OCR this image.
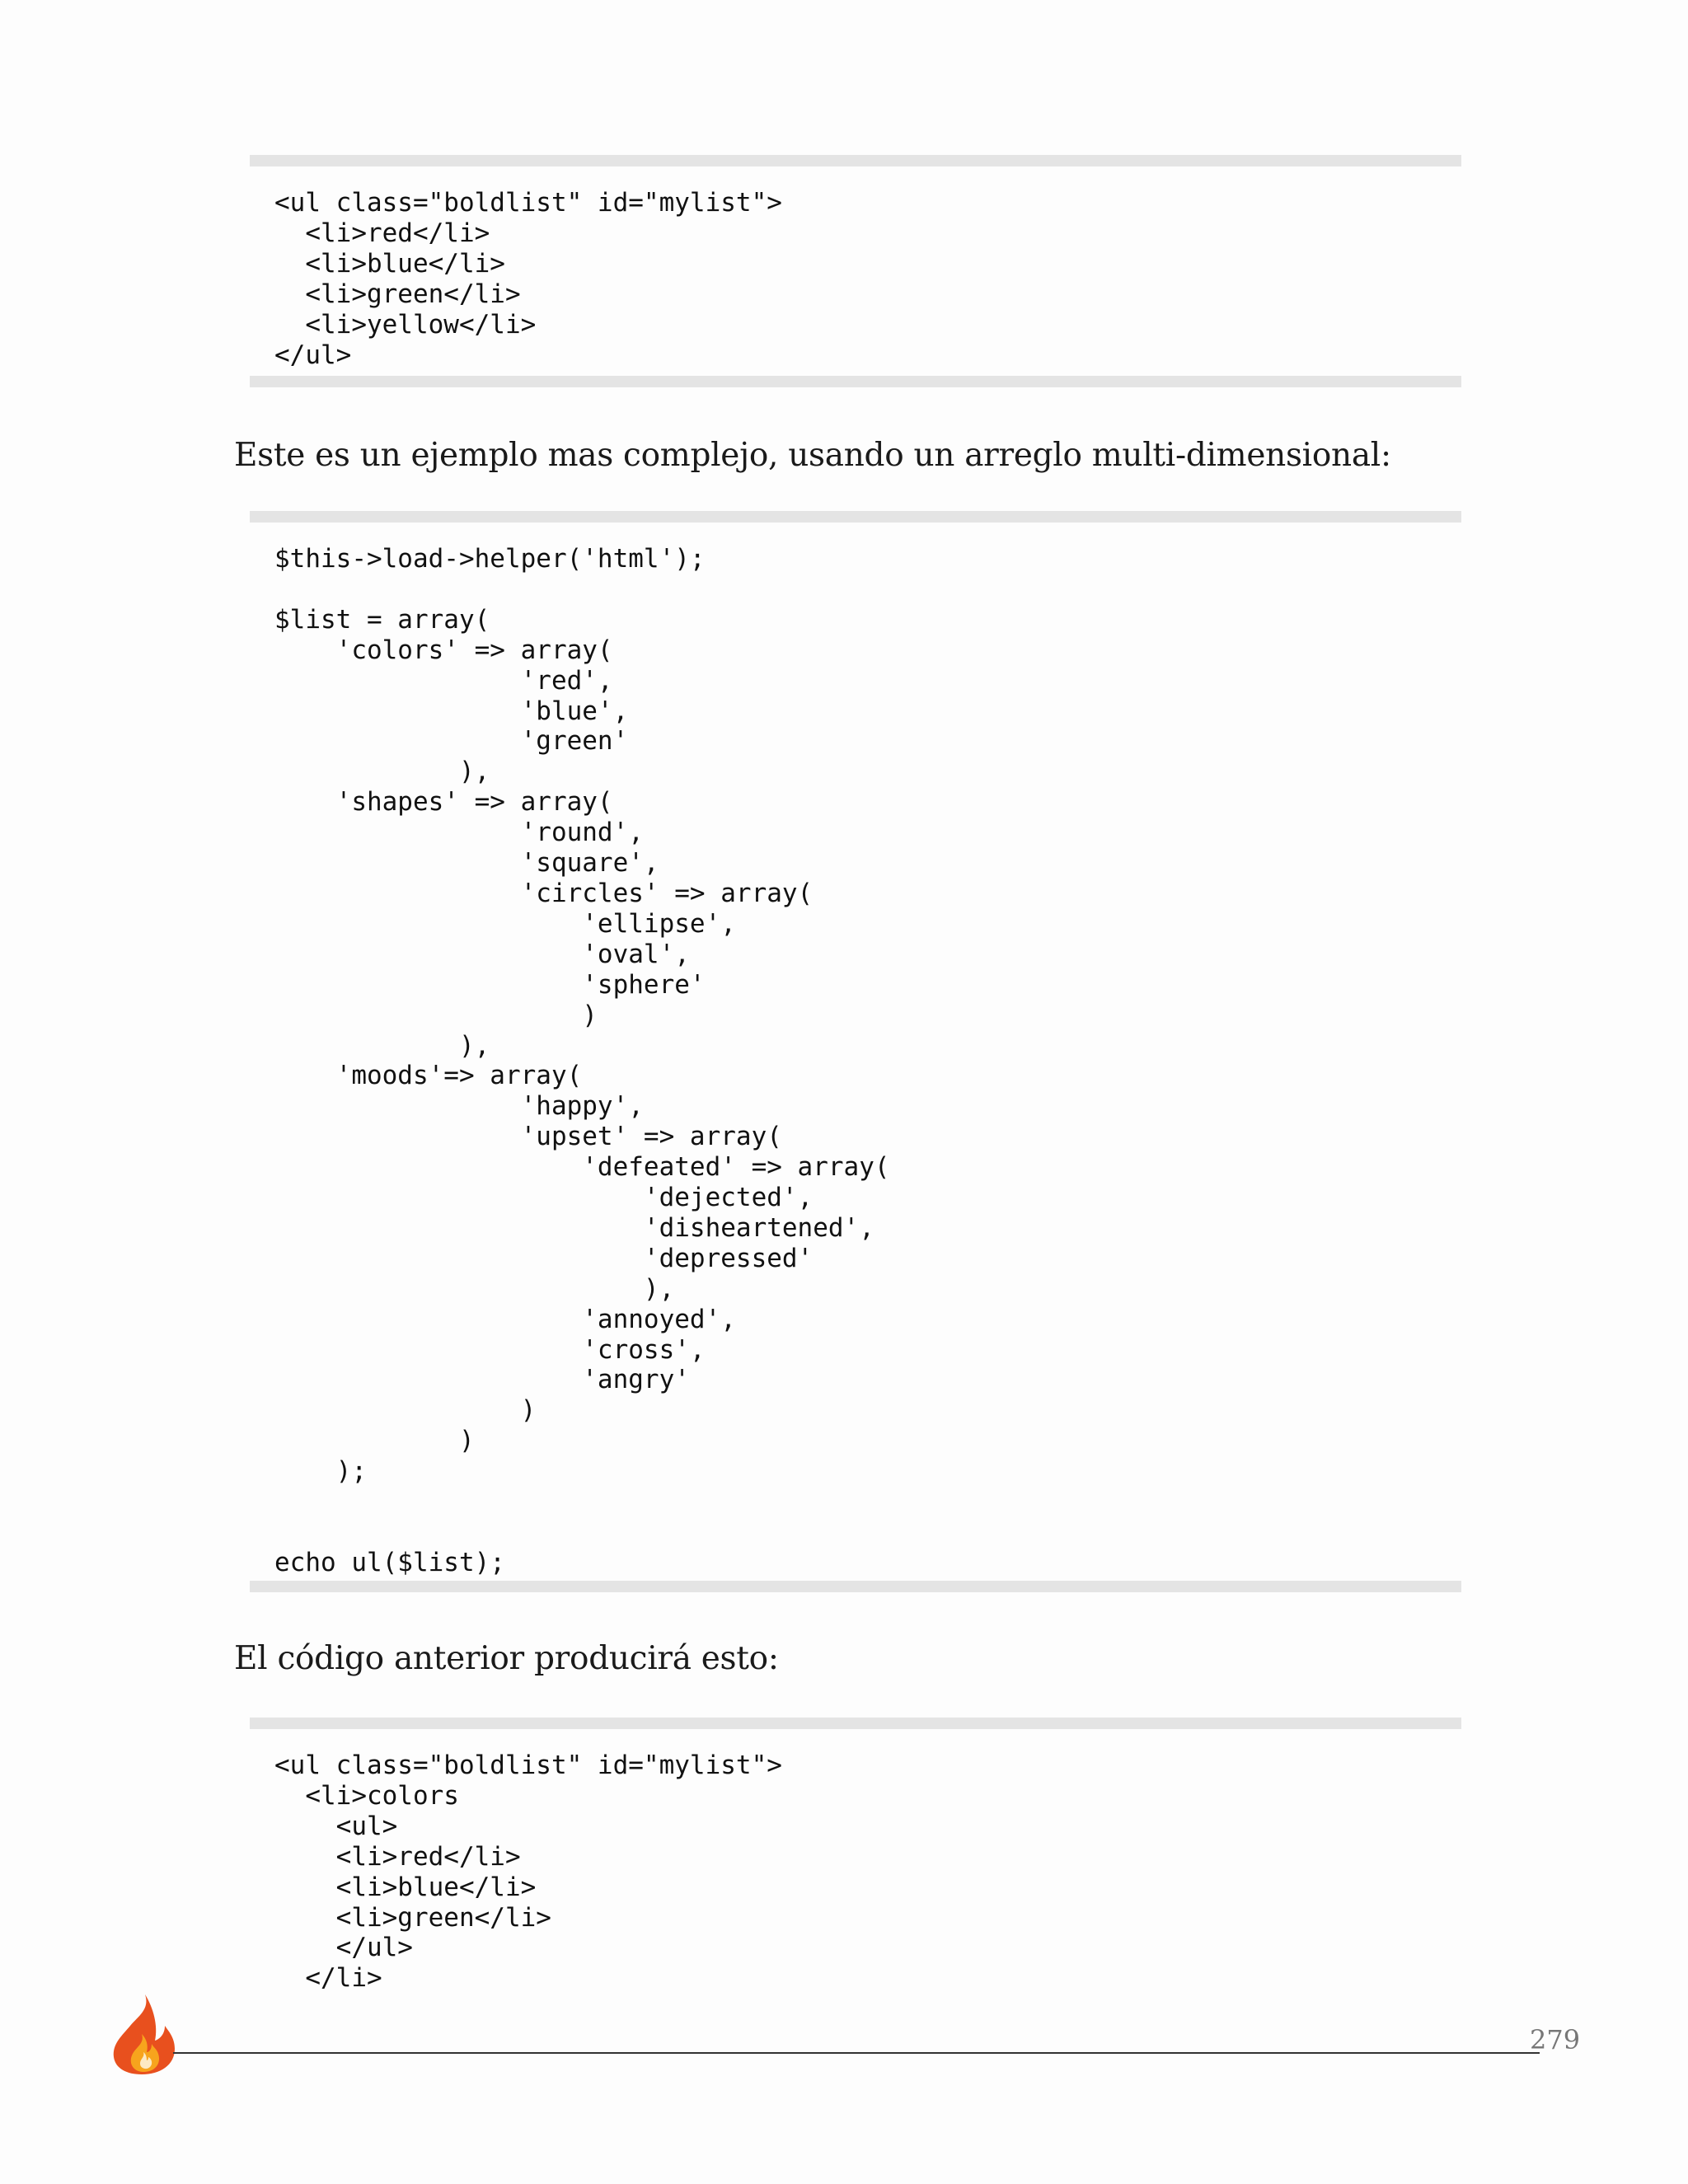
<ul class="boldlist" id="mylist">
<li>red</li>
<li>blue</li>
<li>green</li>
<li>yellow</li>
</ul>

Este es un ejemplo mas complejo, usando un arreglo multi-dimensional:

$this->load->helper('html');

$list = array(
'colors' => array(
'red',
'blue',
'green'
),
'shapes' => array(
'round',
'square',
'circles' => array(
'ellipse',
'oval',
'sphere'
)
),
'moods'=> array(
'happy',
'upset' => array(
'defeated' => array(
'dejected',
'disheartened',
'depressed'
),
'annoyed',
'cross',
'angry'
)
)
);

echo ul($list);

El código anterior producirá esto:

<ul class="boldlist" id="mylist">
<li>colors
<ul>
<li>red</li>
<li>blue</li>
<li>green</li>
</ul>
</li>
279
